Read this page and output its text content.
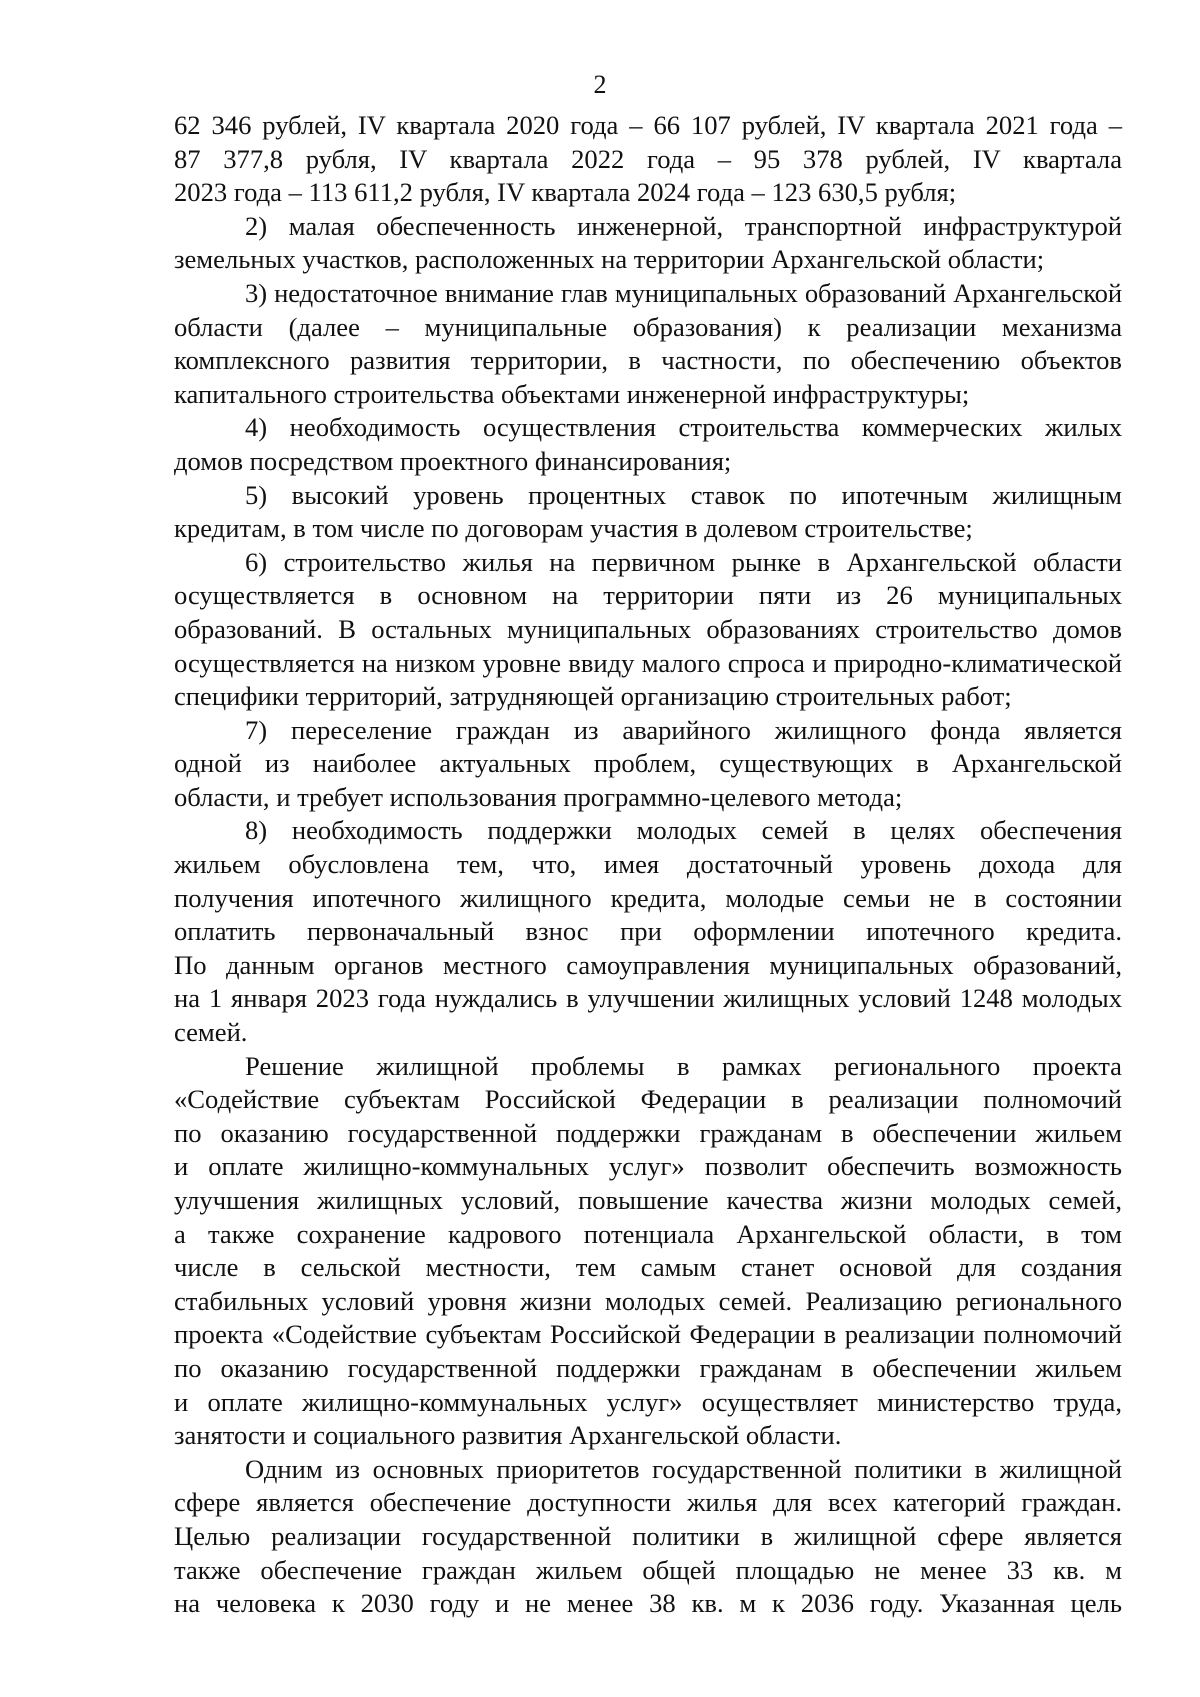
2
62 346 рублей, IV квартала 2020 года – 66 107 рублей, IV квартала 2021 года –
87 377,8 рубля, IV квартала 2022 года – 95 378 рублей, IV квартала
2023 года – 113 611,2 рубля, IV квартала 2024 года – 123 630,5 рубля;
2) малая обеспеченность инженерной, транспортной инфраструктурой
земельных участков, расположенных на территории Архангельской области;
3) недостаточное внимание глав муниципальных образований Архангельской
области (далее – муниципальные образования) к реализации механизма
комплексного развития территории, в частности, по обеспечению объектов
капитального строительства объектами инженерной инфраструктуры;
4) необходимость осуществления строительства коммерческих жилых
домов посредством проектного финансирования;
5) высокий уровень процентных ставок по ипотечным жилищным
кредитам, в том числе по договорам участия в долевом строительстве;
6) строительство жилья на первичном рынке в Архангельской области
осуществляется в основном на территории пяти из 26 муниципальных
образований. В остальных муниципальных образованиях строительство домов
осуществляется на низком уровне ввиду малого спроса и природно-климатической
специфики территорий, затрудняющей организацию строительных работ;
7) переселение граждан из аварийного жилищного фонда является
одной из наиболее актуальных проблем, существующих в Архангельской
области, и требует использования программно-целевого метода;
8) необходимость поддержки молодых семей в целях обеспечения
жильем обусловлена тем, что, имея достаточный уровень дохода для
получения ипотечного жилищного кредита, молодые семьи не в состоянии
оплатить первоначальный взнос при оформлении ипотечного кредита.
По данным органов местного самоуправления муниципальных образований,
на 1 января 2023 года нуждались в улучшении жилищных условий 1248 молодых
семей.
Решение жилищной проблемы в рамках регионального проекта
«Содействие субъектам Российской Федерации в реализации полномочий
по оказанию государственной поддержки гражданам в обеспечении жильем
и оплате жилищно-коммунальных услуг» позволит обеспечить возможность
улучшения жилищных условий, повышение качества жизни молодых семей,
а также сохранение кадрового потенциала Архангельской области, в том
числе в сельской местности, тем самым станет основой для создания
стабильных условий уровня жизни молодых семей. Реализацию регионального
проекта «Содействие субъектам Российской Федерации в реализации полномочий
по оказанию государственной поддержки гражданам в обеспечении жильем
и оплате жилищно-коммунальных услуг» осуществляет министерство труда,
занятости и социального развития Архангельской области.
Одним из основных приоритетов государственной политики в жилищной
сфере является обеспечение доступности жилья для всех категорий граждан.
Целью реализации государственной политики в жилищной сфере является
также обеспечение граждан жильем общей площадью не менее 33 кв. м
на человека к 2030 году и не менее 38 кв. м к 2036 году. Указанная цель
